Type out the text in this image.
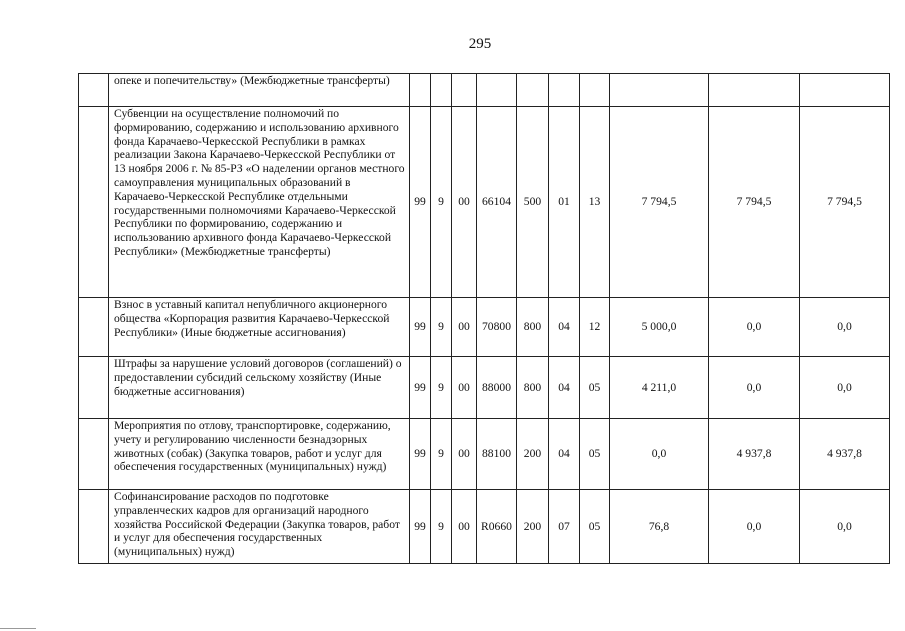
295
	опеке и попечительству» (Межбюджетные трансферты)										
	Субвенции на осуществление полномочий по формированию, содержанию и использованию архивного фонда Карачаево-Черкесской Республики в рамках реализации Закона Карачаево-Черкесской Республики от 13 ноября 2006 г. № 85-РЗ «О наделении органов местного самоуправления муниципальных образований в Карачаево-Черкесской Республике отдельными государственными полномочиями Карачаево-Черкесской Республики по формированию, содержанию и использованию архивного фонда Карачаево-Черкесской Республики» (Межбюджетные трансферты)	99	9	00	66104	500	01	13	7 794,5	7 794,5	7 794,5
	Взнос в уставный капитал непубличного акционерного общества «Корпорация развития Карачаево-Черкесской Республики» (Иные бюджетные ассигнования)	99	9	00	70800	800	04	12	5 000,0	0,0	0,0
	Штрафы за нарушение условий договоров (соглашений) о предоставлении субсидий сельскому хозяйству (Иные бюджетные ассигнования)	99	9	00	88000	800	04	05	4 211,0	0,0	0,0
	Мероприятия по отлову, транспортировке, содержанию, учету и регулированию численности безнадзорных животных (собак) (Закупка товаров, работ и услуг для обеспечения государственных (муниципальных) нужд)	99	9	00	88100	200	04	05	0,0	4 937,8	4 937,8
	Софинансирование расходов по подготовке управленческих кадров для организаций народного хозяйства Российской Федерации (Закупка товаров, работ и услуг для обеспечения государственных (муниципальных) нужд)	99	9	00	R0660	200	07	05	76,8	0,0	0,0
